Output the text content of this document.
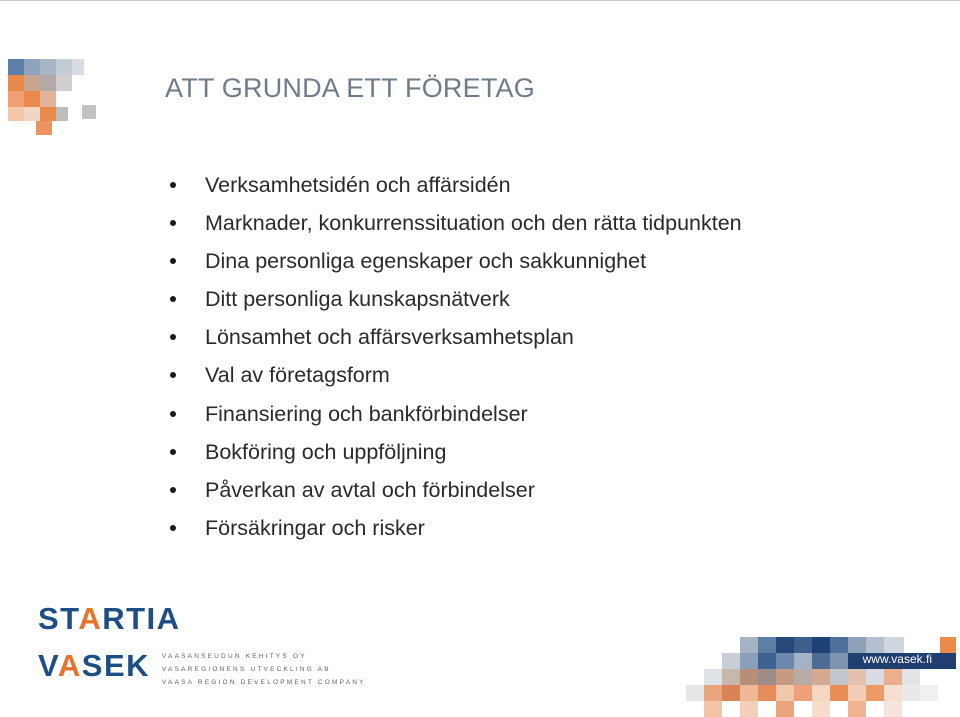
ATT GRUNDA ETT FÖRETAG
Verksamhetsidén och affärsidén
Marknader, konkurrenssituation och den rätta tidpunkten
Dina personliga egenskaper och sakkunnighet
Ditt personliga kunskapsnätverk
Lönsamhet och affärsverksamhetsplan
Val av företagsform
Finansiering och bankförbindelser
Bokföring och uppföljning
Påverkan av avtal och förbindelser
Försäkringar och risker
STARTIA
VASEK VAASANSEUDUN KEHITYS OY
VASAREGIONENS UTVECKLING AB
VAASA REGION DEVELOPMENT COMPANY
www.vasek.fi
